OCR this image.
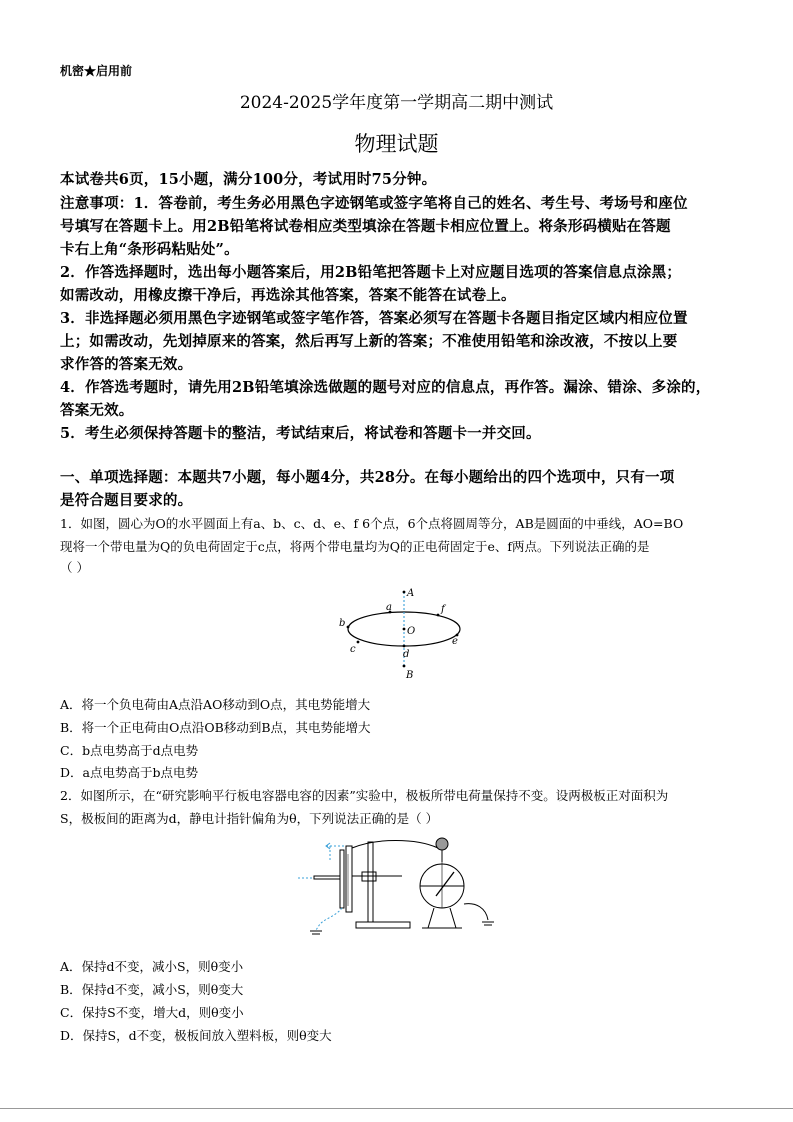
机密★启用前
2024-2025学年度第一学期高二期中测试
物理试题
本试卷共6页，15小题，满分100分，考试用时75分钟。
注意事项：1．答卷前，考生务必用黑色字迹钢笔或签字笔将自己的姓名、考生号、考场号和座位
号填写在答题卡上。用2B铅笔将试卷相应类型填涂在答题卡相应位置上。将条形码横贴在答题
卡右上角“条形码粘贴处”。
2．作答选择题时，选出每小题答案后，用2B铅笔把答题卡上对应题目选项的答案信息点涂黑；
如需改动，用橡皮擦干净后，再选涂其他答案，答案不能答在试卷上。
3．非选择题必须用黑色字迹钢笔或签字笔作答，答案必须写在答题卡各题目指定区域内相应位置
上；如需改动，先划掉原来的答案，然后再写上新的答案；不准使用铅笔和涂改液，不按以上要
求作答的答案无效。
4．作答选考题时，请先用2B铅笔填涂选做题的题号对应的信息点，再作答。漏涂、错涂、多涂的，
答案无效。
5．考生必须保持答题卡的整洁，考试结束后，将试卷和答题卡一并交回。
一、单项选择题：本题共7小题，每小题4分，共28分。在每小题给出的四个选项中，只有一项
是符合题目要求的。
1．如图，圆心为O的水平圆面上有a、b、c、d、e、f 6个点，6个点将圆周等分，AB是圆面的中垂线，AO=BO
现将一个带电量为Q的负电荷固定于c点，将两个带电量均为Q的正电荷固定于e、f两点。下列说法正确的是
（ ）
A
B
O
a
b
c	d
e
f
A．将一个负电荷由A点沿AO移动到O点，其电势能增大
B．将一个正电荷由O点沿OB移动到B点，其电势能增大
C．b点电势高于d点电势
D．a点电势高于b点电势
2．如图所示，在“研究影响平行板电容器电容的因素”实验中，极板所带电荷量保持不变。设两极板正对面积为
S，极板间的距离为d，静电计指针偏角为θ，下列说法正确的是（ ）
A．保持d不变，减小S，则θ变小
B．保持d不变，减小S，则θ变大
C．保持S不变，增大d，则θ变小
D．保持S，d不变，极板间放入塑料板，则θ变大
